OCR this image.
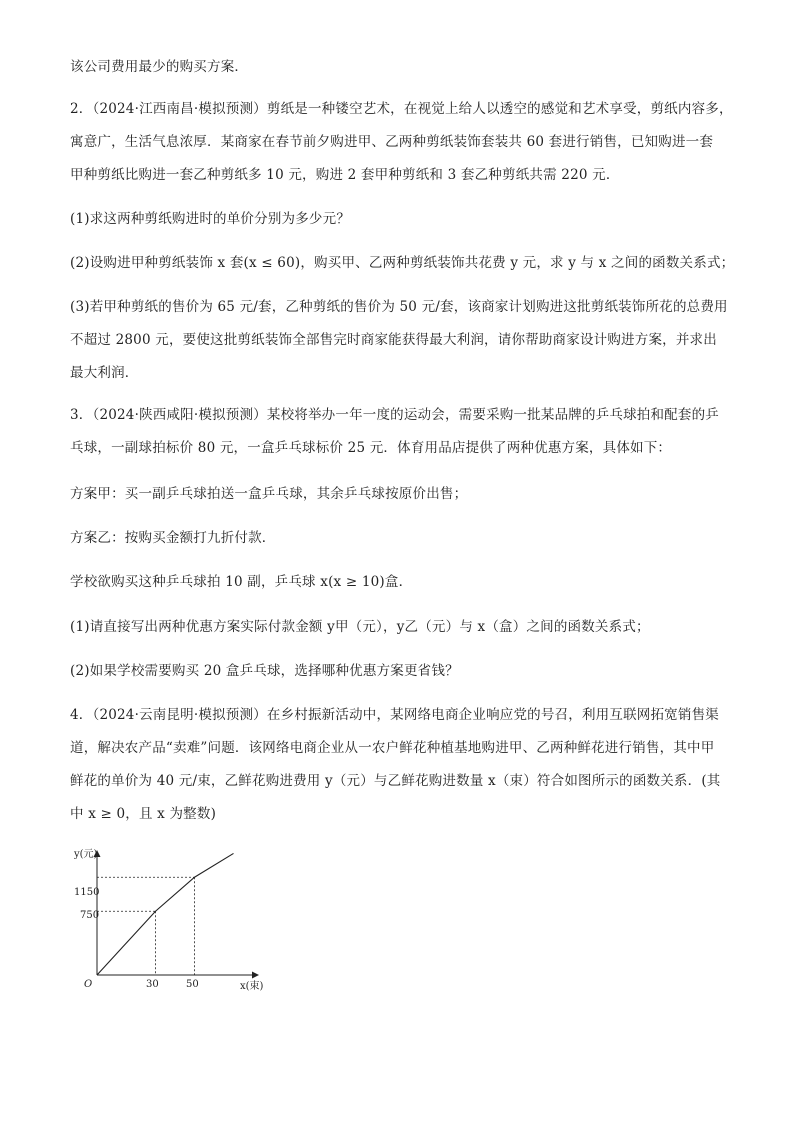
该公司费用最少的购买方案．
2．（2024·江西南昌·模拟预测）剪纸是一种镂空艺术，在视觉上给人以透空的感觉和艺术享受，剪纸内容多，
寓意广，生活气息浓厚．某商家在春节前夕购进甲、乙两种剪纸装饰套装共 60 套进行销售，已知购进一套
甲种剪纸比购进一套乙种剪纸多 10 元，购进 2 套甲种剪纸和 3 套乙种剪纸共需 220 元．
(1)求这两种剪纸购进时的单价分别为多少元？
(2)设购进甲种剪纸装饰 x 套(x ≤ 60)，购买甲、乙两种剪纸装饰共花费 y 元，求 y 与 x 之间的函数关系式；
(3)若甲种剪纸的售价为 65 元/套，乙种剪纸的售价为 50 元/套，该商家计划购进这批剪纸装饰所花的总费用
不超过 2800 元，要使这批剪纸装饰全部售完时商家能获得最大利润，请你帮助商家设计购进方案，并求出
最大利润．
3．（2024·陕西咸阳·模拟预测）某校将举办一年一度的运动会，需要采购一批某品牌的乒乓球拍和配套的乒
乓球，一副球拍标价 80 元，一盒乒乓球标价 25 元．体育用品店提供了两种优惠方案，具体如下：
方案甲：买一副乒乓球拍送一盒乒乓球，其余乒乓球按原价出售；
方案乙：按购买金额打九折付款．
学校欲购买这种乒乓球拍 10 副，乒乓球 x(x ≥ 10)盒．
(1)请直接写出两种优惠方案实际付款金额 y甲（元），y乙（元）与 x（盒）之间的函数关系式；
(2)如果学校需要购买 20 盒乒乓球，选择哪种优惠方案更省钱？
4．（2024·云南昆明·模拟预测）在乡村振新活动中，某网络电商企业响应党的号召，利用互联网拓宽销售渠
道，解决农产品“卖难”问题．该网络电商企业从一农户鲜花种植基地购进甲、乙两种鲜花进行销售，其中甲
鲜花的单价为 40 元/束，乙鲜花购进费用 y（元）与乙鲜花购进数量 x（束）符合如图所示的函数关系．(其
中 x ≥ 0，且 x 为整数)
y(元)
x(束)
O
1150
750
30	50
